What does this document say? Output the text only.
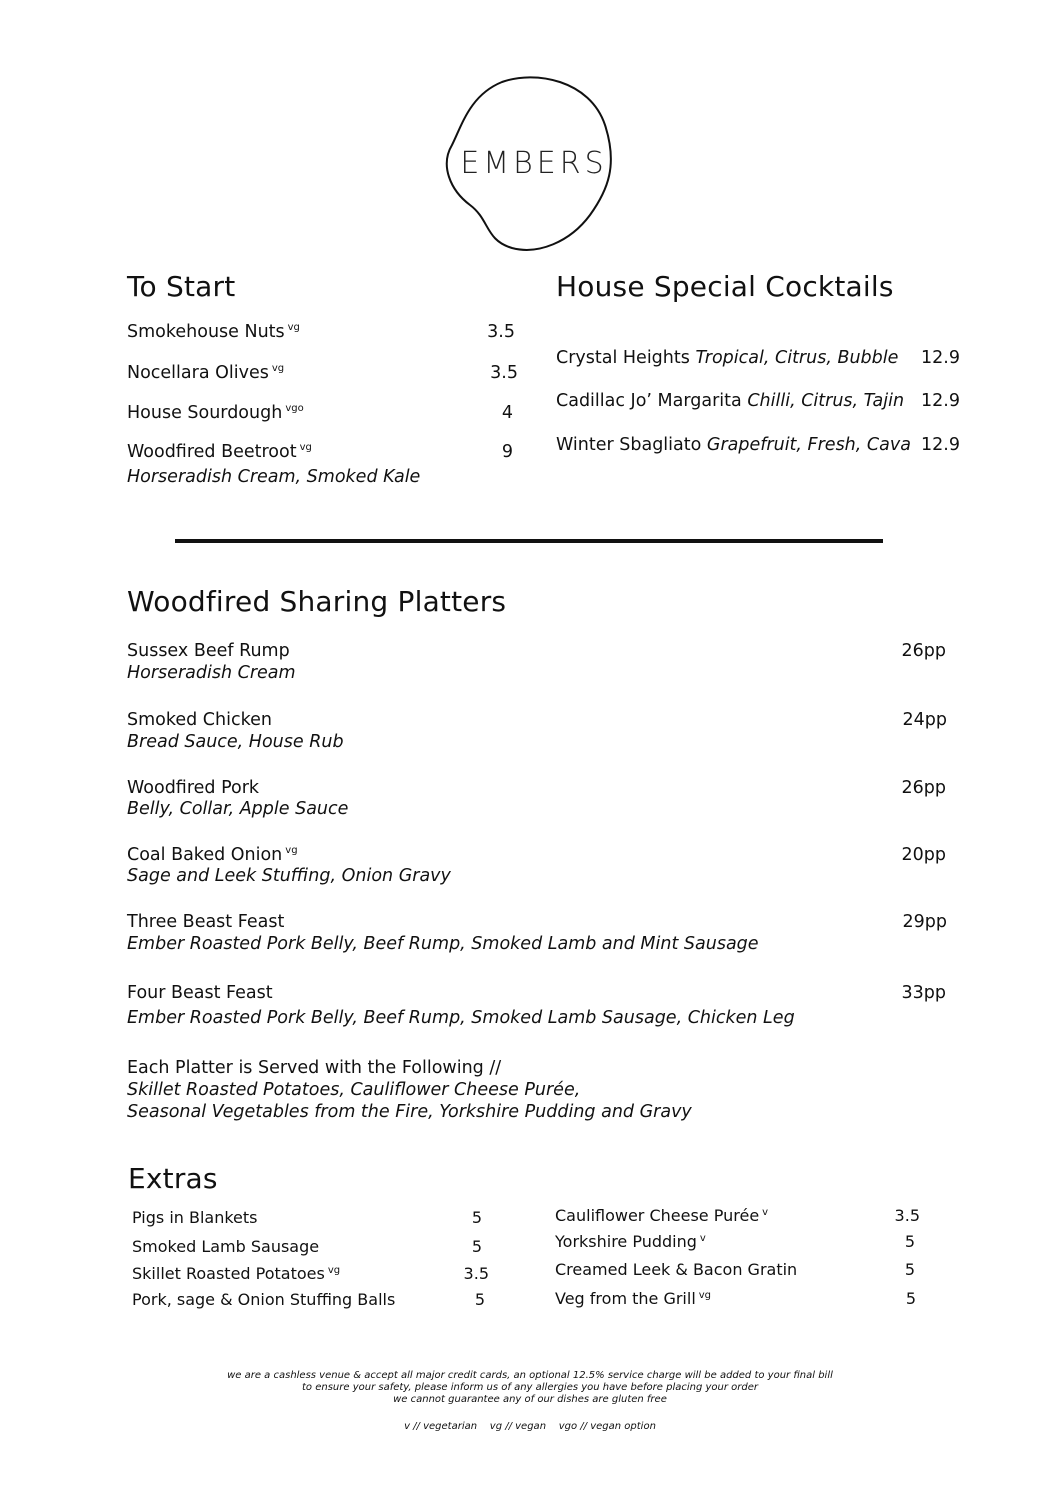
EMBERS
To Start
Smokehouse Nuts $^{vg}$	3.5
Nocellara Olives $^{vg}$	3.5
House Sourdough $^{vgo}$	4
Woodfired Beetroot $^{vg}$	9
Horseradish Cream, Smoked Kale
House Special Cocktails
Crystal Heights Tropical, Citrus, Bubble	12.9
Cadillac Jo’ Margarita Chilli, Citrus, Tajin 12.9
Winter Sbagliato Grapefruit, Fresh, Cava 12.9
Woodfired Sharing Platters
Sussex Beef Rump
Horseradish Cream
26pp
Smoked Chicken
Bread Sauce, House Rub
24pp
Woodfired Pork
Belly, Collar, Apple Sauce
26pp
Coal Baked Onion $^{vg}$
Sage and Leek Stuffing, Onion Gravy
20pp
Three Beast Feast
Ember Roasted Pork Belly, Beef Rump, Smoked Lamb and Mint Sausage
29pp
Four Beast Feast
Ember Roasted Pork Belly, Beef Rump, Smoked Lamb Sausage, Chicken Leg
33pp
Each Platter is Served with the Following //
Skillet Roasted Potatoes, Cauliflower Cheese Purée,
Seasonal Vegetables from the Fire, Yorkshire Pudding and Gravy
Extras
Pigs in Blankets	5
Smoked Lamb Sausage	5
Skillet Roasted Potatoes $^{vg}$	3.5
Pork, sage & Onion Stuffing Balls	5
Cauliflower Cheese Purée $^v$	3.5
Yorkshire Pudding $^v$	5
Creamed Leek & Bacon Gratin	5
Veg from the Grill $^{vg}$	5
we are a cashless venue & accept all major credit cards, an optional 12.5% service charge will be added to your final bill
to ensure your safety, please inform us of any allergies you have before placing your order
we cannot guarantee any of our dishes are gluten free
v // vegetarian    vg // vegan    vgo // vegan option
